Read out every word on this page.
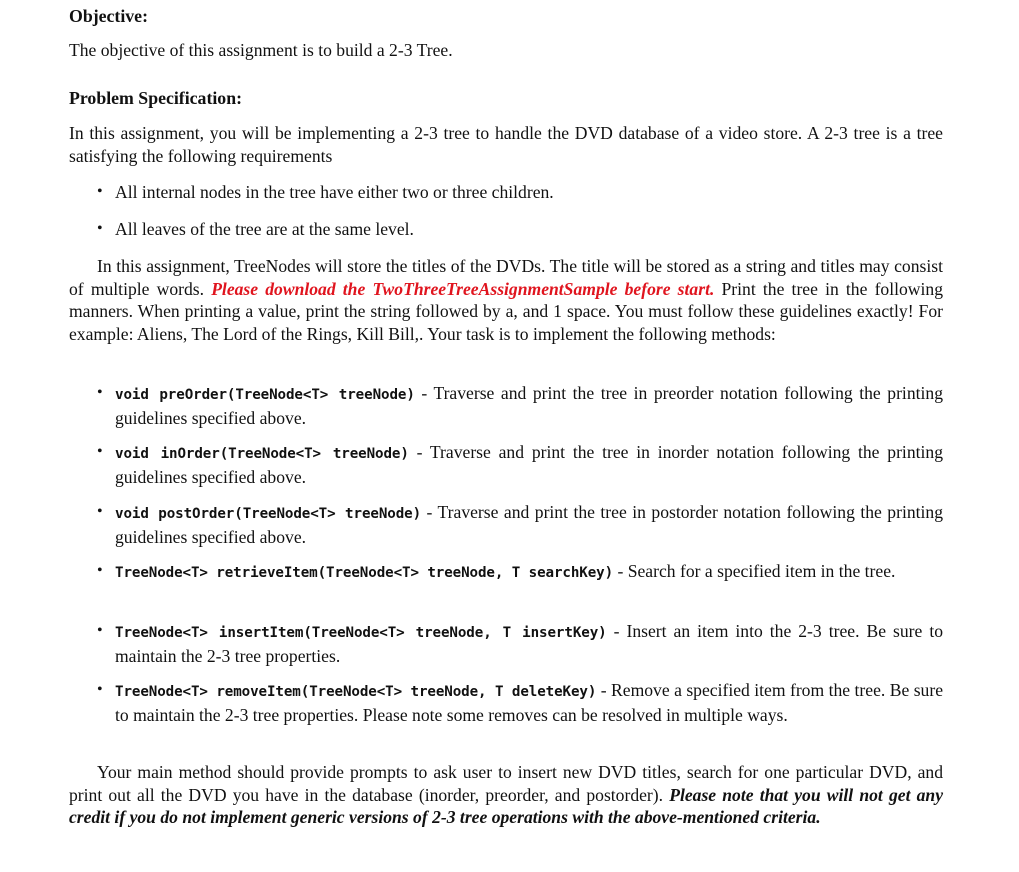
Objective:
The objective of this assignment is to build a 2-3 Tree.
Problem Specification:
In this assignment, you will be implementing a 2-3 tree to handle the DVD database of a video store. A 2-3 tree is a tree satisfying the following requirements
• All internal nodes in the tree have either two or three children.
• All leaves of the tree are at the same level.
In this assignment, TreeNodes will store the titles of the DVDs. The title will be stored as a string and titles may consist of multiple words. Please download the TwoThreeTreeAssignmentSample before start. Print the tree in the following manners. When printing a value, print the string followed by a, and 1 space. You must follow these guidelines exactly! For example: Aliens, The Lord of the Rings, Kill Bill,. Your task is to implement the following methods:
• void preOrder(TreeNode<T> treeNode) - Traverse and print the tree in preorder notation following the printing guidelines specified above.
• void inOrder(TreeNode<T> treeNode) - Traverse and print the tree in inorder notation following the printing guidelines specified above.
• void postOrder(TreeNode<T> treeNode) - Traverse and print the tree in postorder notation following the printing guidelines specified above.
• TreeNode<T> retrieveItem(TreeNode<T> treeNode, T searchKey) - Search for a specified item in the tree.
• TreeNode<T> insertItem(TreeNode<T> treeNode, T insertKey) - Insert an item into the 2-3 tree. Be sure to maintain the 2-3 tree properties.
• TreeNode<T> removeItem(TreeNode<T> treeNode, T deleteKey) - Remove a specified item from the tree. Be sure to maintain the 2-3 tree properties. Please note some removes can be resolved in multiple ways.
Your main method should provide prompts to ask user to insert new DVD titles, search for one particular DVD, and print out all the DVD you have in the database (inorder, preorder, and postorder). Please note that you will not get any credit if you do not implement generic versions of 2-3 tree operations with the above-mentioned criteria.
